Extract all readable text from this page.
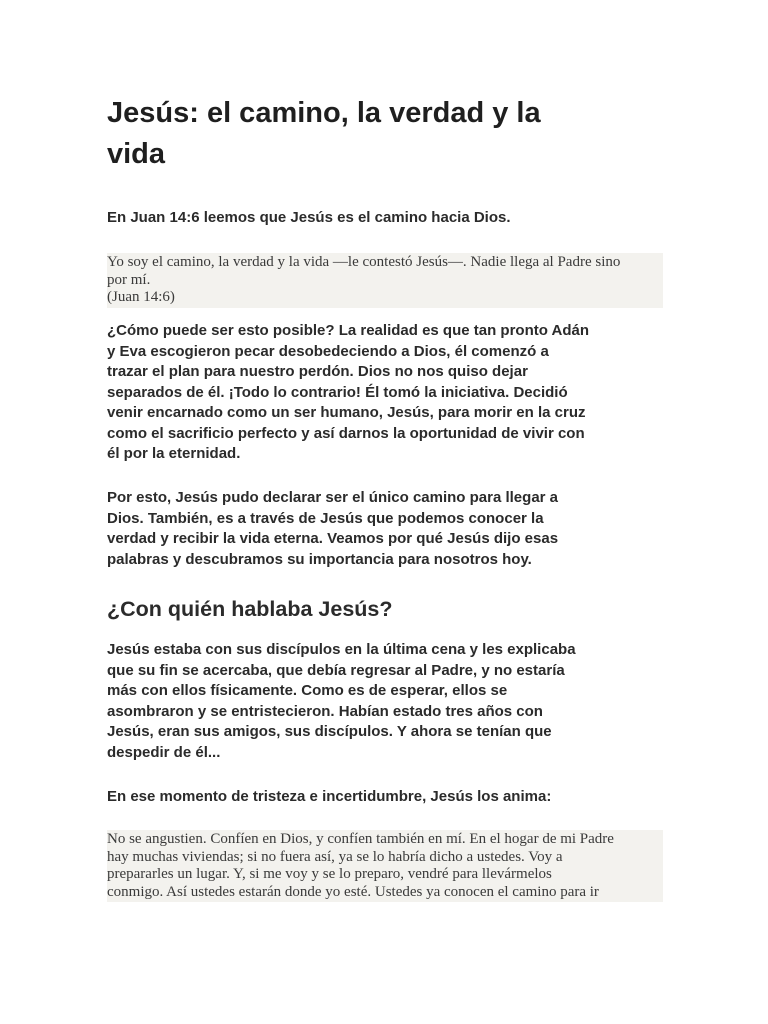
Jesús: el camino, la verdad y la
vida

En Juan 14:6 leemos que Jesús es el camino hacia Dios.

Yo soy el camino, la verdad y la vida —le contestó Jesús—. Nadie llega al Padre sino
por mí.
(Juan 14:6)

¿Cómo puede ser esto posible? La realidad es que tan pronto Adán
y Eva escogieron pecar desobedeciendo a Dios, él comenzó a
trazar el plan para nuestro perdón. Dios no nos quiso dejar
separados de él. ¡Todo lo contrario! Él tomó la iniciativa. Decidió
venir encarnado como un ser humano, Jesús, para morir en la cruz
como el sacrificio perfecto y así darnos la oportunidad de vivir con
él por la eternidad.

Por esto, Jesús pudo declarar ser el único camino para llegar a
Dios. También, es a través de Jesús que podemos conocer la
verdad y recibir la vida eterna. Veamos por qué Jesús dijo esas
palabras y descubramos su importancia para nosotros hoy.

¿Con quién hablaba Jesús?

Jesús estaba con sus discípulos en la última cena y les explicaba
que su fin se acercaba, que debía regresar al Padre, y no estaría
más con ellos físicamente. Como es de esperar, ellos se
asombraron y se entristecieron. Habían estado tres años con
Jesús, eran sus amigos, sus discípulos. Y ahora se tenían que
despedir de él...

En ese momento de tristeza e incertidumbre, Jesús los anima:

No se angustien. Confíen en Dios, y confíen también en mí. En el hogar de mi Padre
hay muchas viviendas; si no fuera así, ya se lo habría dicho a ustedes. Voy a
prepararles un lugar. Y, si me voy y se lo preparo, vendré para llevármelos
conmigo. Así ustedes estarán donde yo esté. Ustedes ya conocen el camino para ir
